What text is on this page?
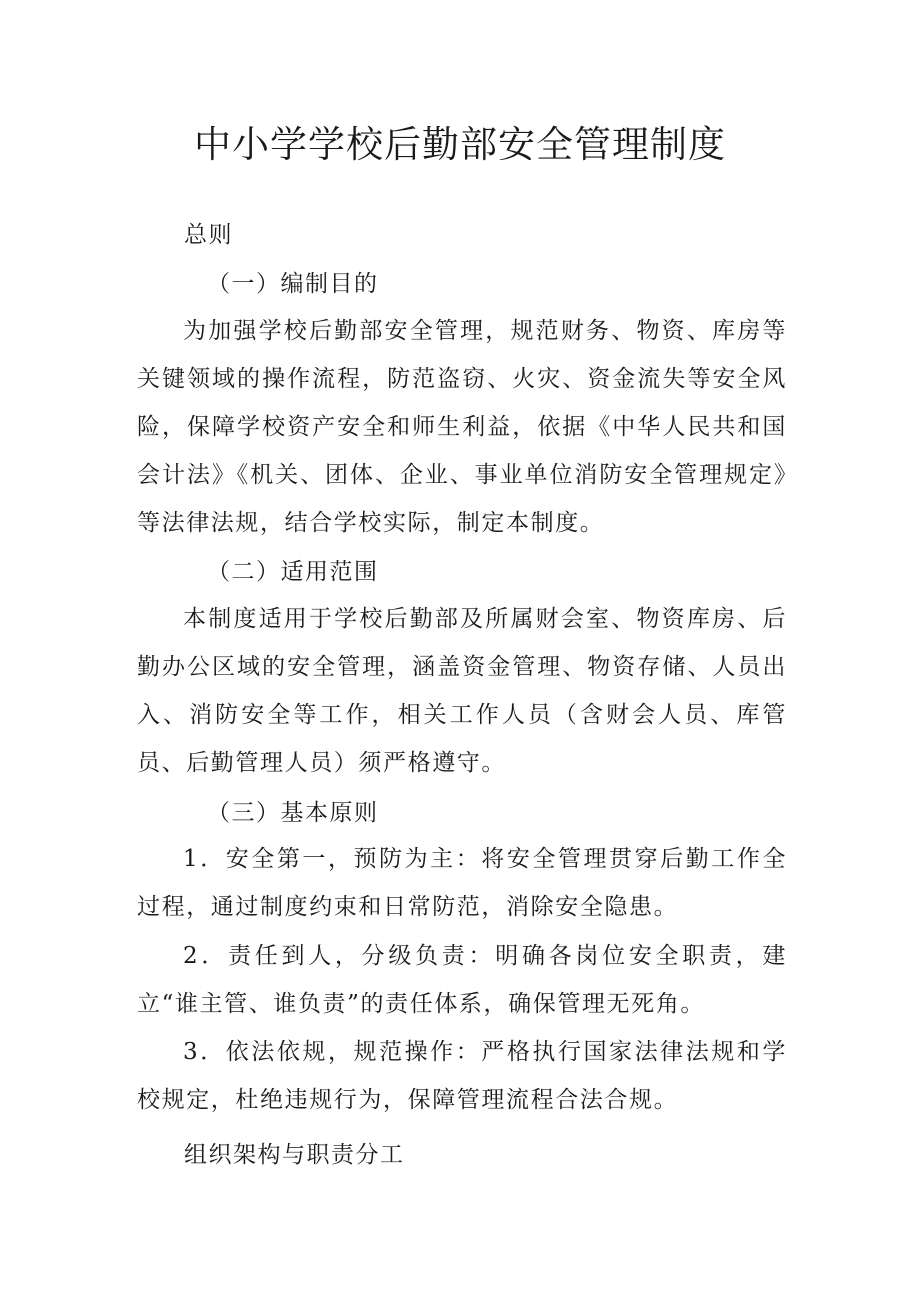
中小学学校后勤部安全管理制度
总则
（一）编制目的
为加强学校后勤部安全管理，规范财务、物资、库房等关键领域的操作流程，防范盗窃、火灾、资金流失等安全风险，保障学校资产安全和师生利益，依据《中华人民共和国会计法》《机关、团体、企业、事业单位消防安全管理规定》等法律法规，结合学校实际，制定本制度。
（二）适用范围
本制度适用于学校后勤部及所属财会室、物资库房、后勤办公区域的安全管理，涵盖资金管理、物资存储、人员出入、消防安全等工作，相关工作人员（含财会人员、库管员、后勤管理人员）须严格遵守。
（三）基本原则
1．安全第一，预防为主：将安全管理贯穿后勤工作全过程，通过制度约束和日常防范，消除安全隐患。
2．责任到人，分级负责：明确各岗位安全职责，建立“谁主管、谁负责”的责任体系，确保管理无死角。
3．依法依规，规范操作：严格执行国家法律法规和学校规定，杜绝违规行为，保障管理流程合法合规。
组织架构与职责分工
